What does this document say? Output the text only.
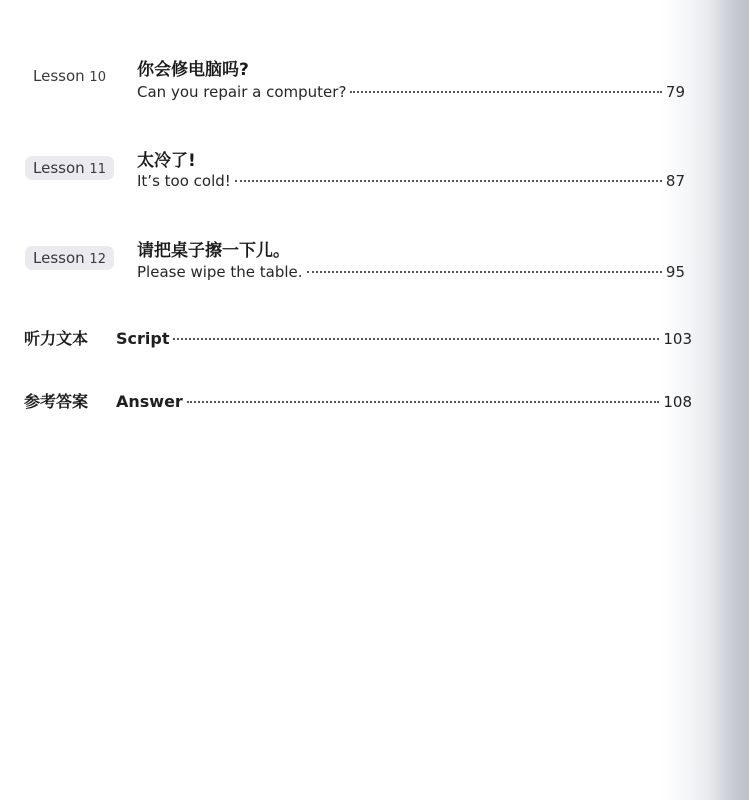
Lesson 10	你会修电脑吗?
Can you repair a computer?	79
Lesson 11	太冷了!
It’s too cold!	87
Lesson 12	请把桌子擦一下儿。
Please wipe the table.	95
听力文本	Script	103
参考答案	Answer	108
